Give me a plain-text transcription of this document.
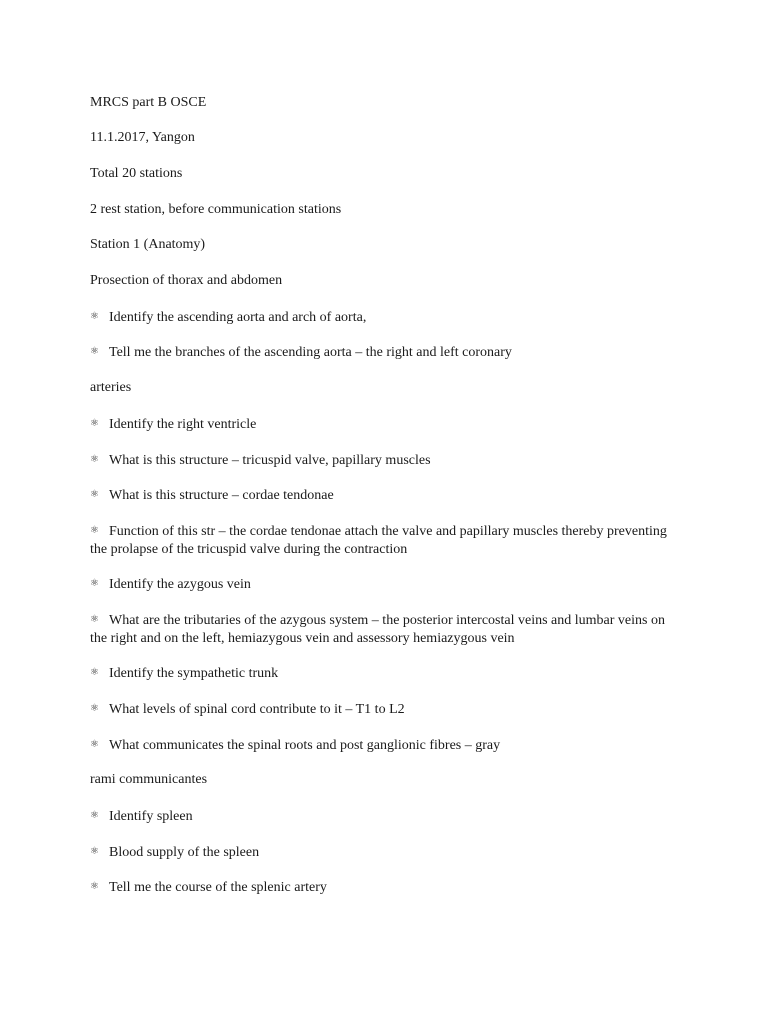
MRCS part B OSCE
11.1.2017, Yangon
Total 20 stations
2 rest station, before communication stations
Station 1 (Anatomy)
Prosection of thorax and abdomen
⚛ Identify the ascending aorta and arch of aorta,
⚛ Tell me the branches of the ascending aorta – the right and left coronary
arteries
⚛ Identify the right ventricle
⚛ What is this structure – tricuspid valve, papillary muscles
⚛ What is this structure – cordae tendonae
⚛ Function of this str – the cordae tendonae attach the valve and papillary muscles thereby preventing the prolapse of the tricuspid valve during the contraction
⚛ Identify the azygous vein
⚛ What are the tributaries of the azygous system – the posterior intercostal veins and lumbar veins on the right and on the left, hemiazygous vein and assessory hemiazygous vein
⚛ Identify the sympathetic trunk
⚛ What levels of spinal cord contribute to it – T1 to L2
⚛ What communicates the spinal roots and post ganglionic fibres – gray
rami communicantes
⚛ Identify spleen
⚛ Blood supply of the spleen
⚛ Tell me the course of the splenic artery
